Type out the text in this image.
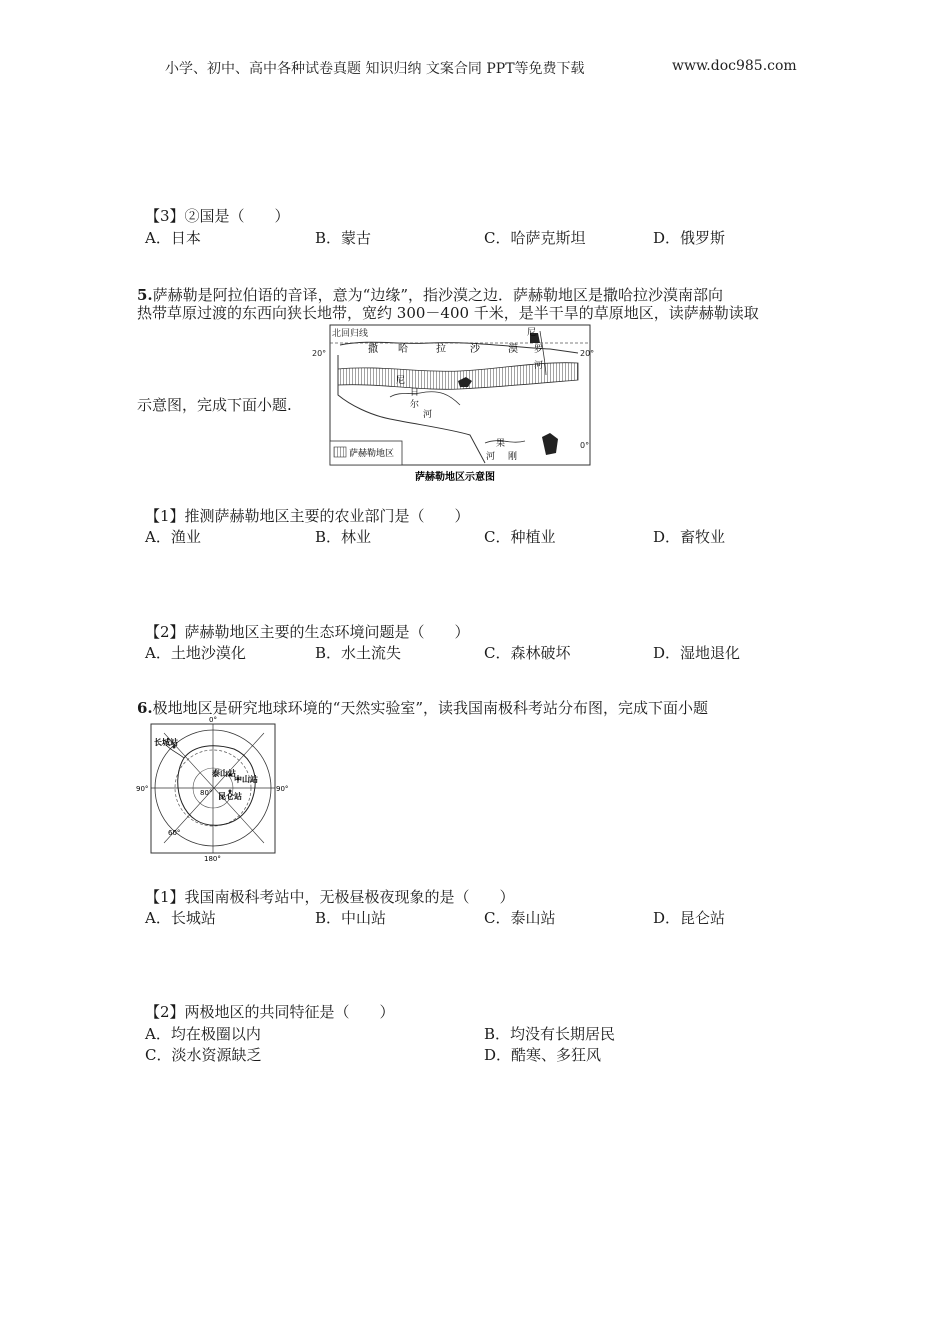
小学、初中、高中各种试卷真题 知识归纳 文案合同 PPT等免费下载	www.doc985.com
【3】②国是（　　）
A．日本	B．蒙古	C．哈萨克斯坦	D．俄罗斯
5.萨赫勒是阿拉伯语的音译，意为“边缘”，指沙漠之边．萨赫勒地区是撒哈拉沙漠南部向
热带草原过渡的东西向狭长地带，宽约 300－400 千米，是半干旱的草原地区，读萨赫勒读取
示意图，完成下面小题.
20°	20°
0°
北回归线
撒 哈	拉 沙	漠
尼
罗
河
尼
日
尔
河
果
河 刚
萨赫勒地区
萨赫勒地区示意图
【1】推测萨赫勒地区主要的农业部门是（　　）
A．渔业	B．林业	C．种植业	D．畜牧业
【2】萨赫勒地区主要的生态环境问题是（　　）
A．土地沙漠化	B．水土流失	C．森林破坏	D．湿地退化
6.极地地区是研究地球环境的“天然实验室”，读我国南极科考站分布图，完成下面小题
0°
90°	90°
180°
60°
80°
长城站
泰山站
中山站
昆仑站
【1】我国南极科考站中，无极昼极夜现象的是（　　）
A．长城站	B．中山站	C．泰山站	D．昆仑站
【2】两极地区的共同特征是（　　）
A．均在极圈以内	B．均没有长期居民
C．淡水资源缺乏	D．酷寒、多狂风
